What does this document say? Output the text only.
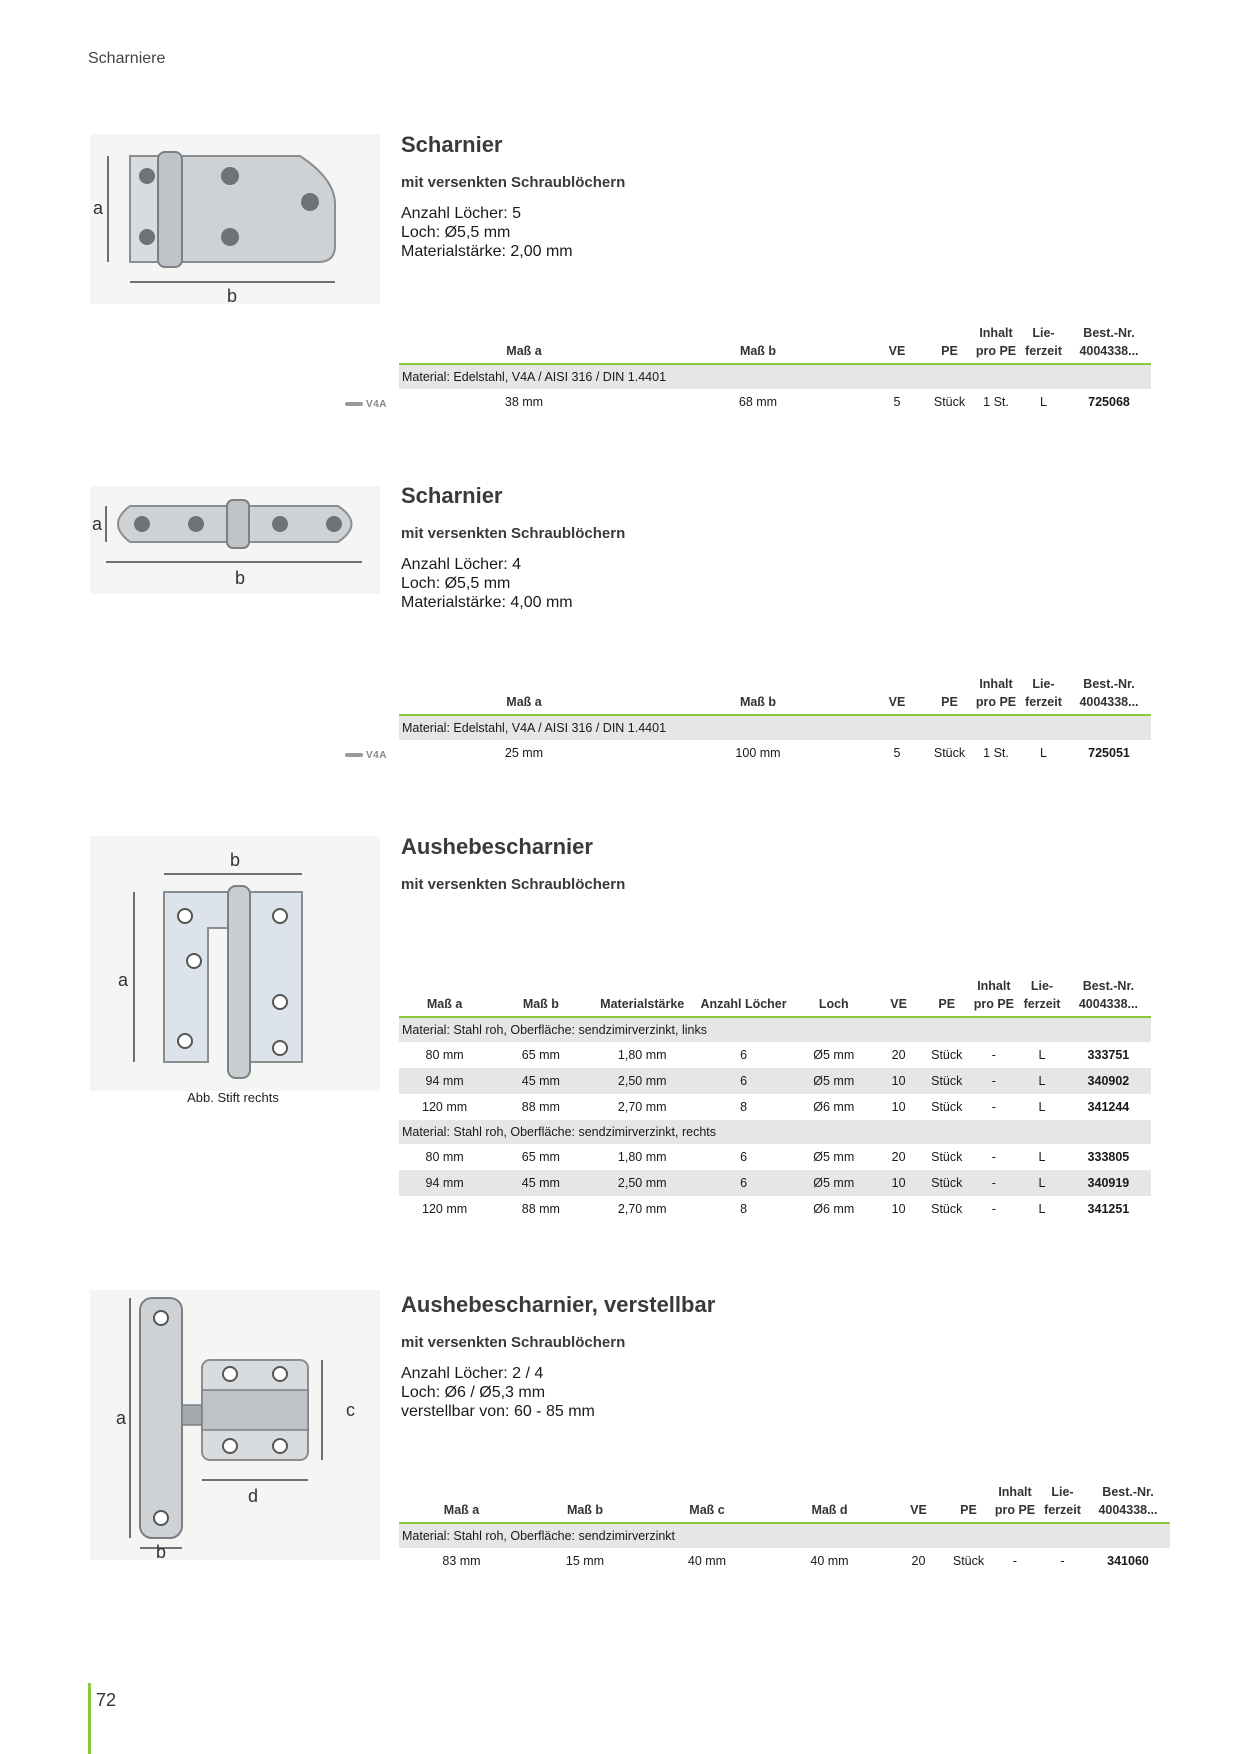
Scharniere
a
b
Scharnier
mit versenkten Schraublöchern
Anzahl Löcher: 5
Loch: Ø5,5 mm
Materialstärke: 2,00 mm
V4A
Maß a	Maß b	VE	PE	Inhalt
pro PE	Lie-
ferzeit	Best.-Nr.
4004338...
Material: Edelstahl, V4A / AISI 316 / DIN 1.4401						
38 mm	68 mm	5	Stück	1 St.	L	725068
a
b
Scharnier
mit versenkten Schraublöchern
Anzahl Löcher: 4
Loch: Ø5,5 mm
Materialstärke: 4,00 mm
V4A
Maß a	Maß b	VE	PE	Inhalt
pro PE	Lie-
ferzeit	Best.-Nr.
4004338...
Material: Edelstahl, V4A / AISI 316 / DIN 1.4401						
25 mm	100 mm	5	Stück	1 St.	L	725051
a
b
Abb. Stift rechts
Aushebescharnier
mit versenkten Schraublöchern
Maß a	Maß b	Materialstärke	Anzahl Löcher	Loch	VE	PE	Inhalt
pro PE	Lie-
ferzeit	Best.-Nr.
4004338...
Material: Stahl roh, Oberfläche: sendzimirverzinkt, links									
80 mm	65 mm	1,80 mm	6	Ø5 mm	20	Stück	-	L	333751
94 mm	45 mm	2,50 mm	6	Ø5 mm	10	Stück	-	L	340902
120 mm	88 mm	2,70 mm	8	Ø6 mm	10	Stück	-	L	341244
Material: Stahl roh, Oberfläche: sendzimirverzinkt, rechts									
80 mm	65 mm	1,80 mm	6	Ø5 mm	20	Stück	-	L	333805
94 mm	45 mm	2,50 mm	6	Ø5 mm	10	Stück	-	L	340919
120 mm	88 mm	2,70 mm	8	Ø6 mm	10	Stück	-	L	341251
a
b
c
d
Aushebescharnier, verstellbar
mit versenkten Schraublöchern
Anzahl Löcher: 2 / 4
Loch: Ø6 / Ø5,3 mm
verstellbar von: 60 - 85 mm
Maß a	Maß b	Maß c	Maß d	VE	PE	Inhalt
pro PE	Lie-
ferzeit	Best.-Nr.
4004338...
Material: Stahl roh, Oberfläche: sendzimirverzinkt								
83 mm	15 mm	40 mm	40 mm	20	Stück	-	-	341060
72
